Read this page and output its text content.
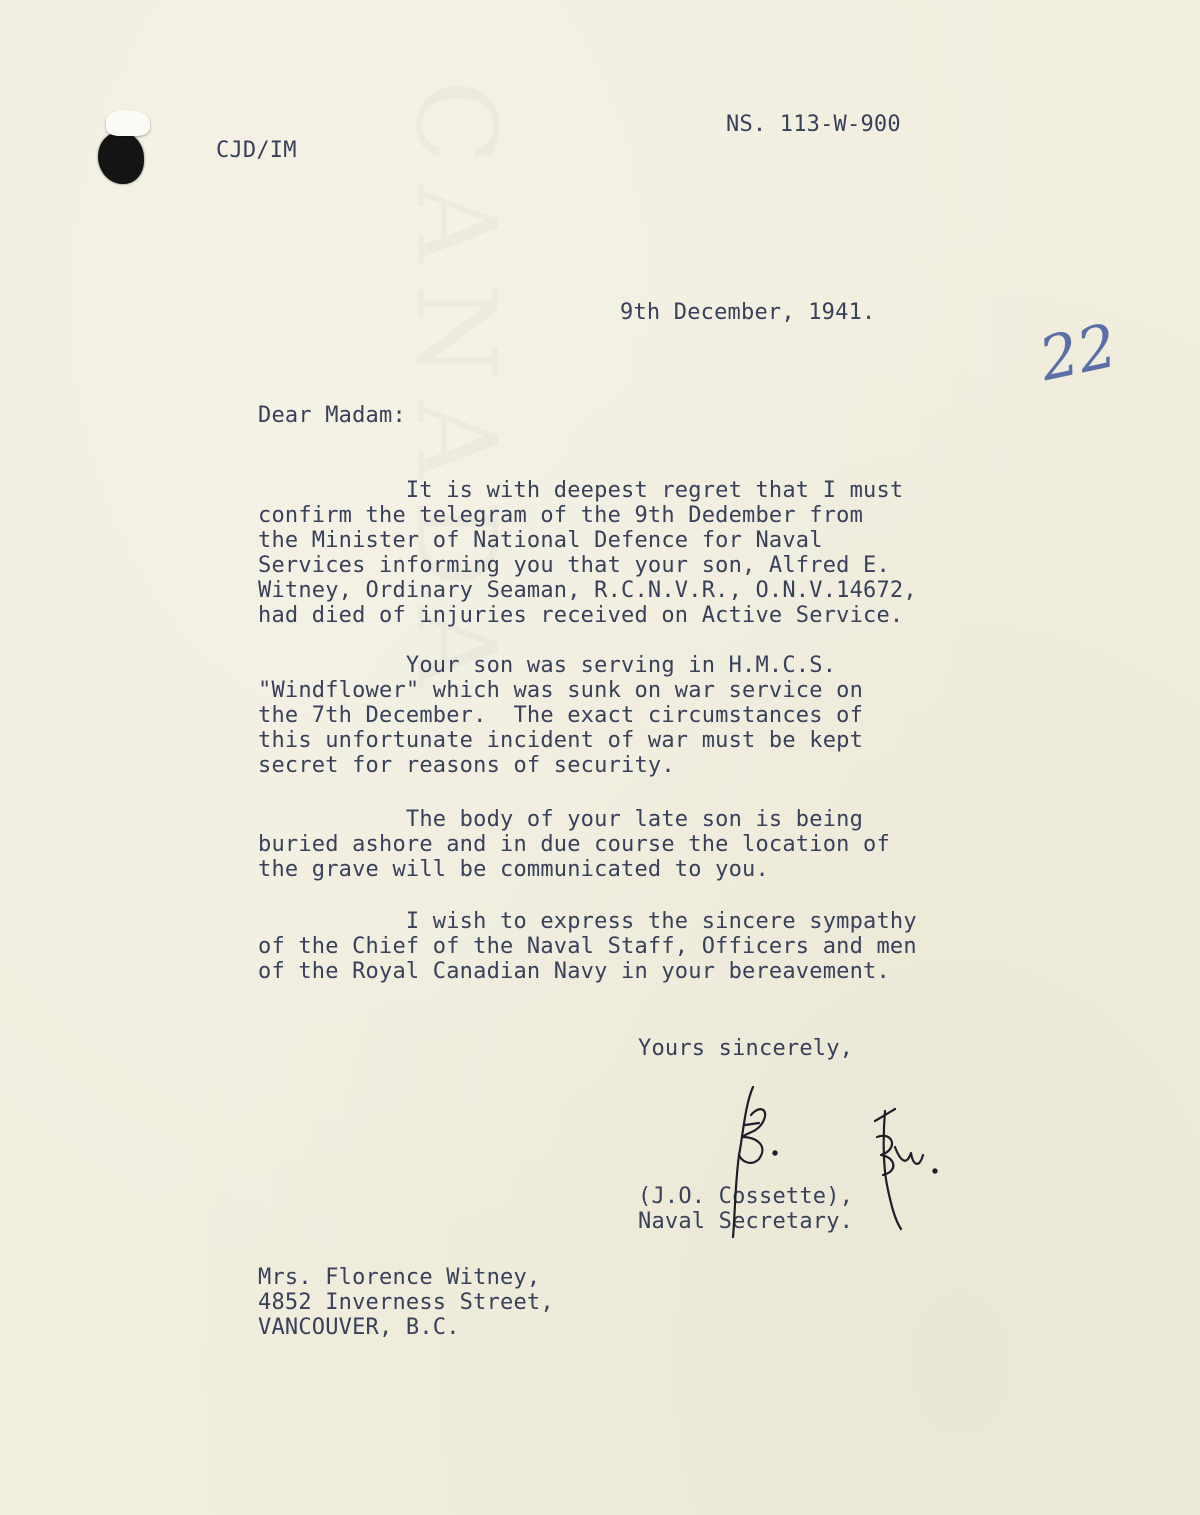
CANADA
CJD/IM
NS. 113-W-900
9th December, 1941.	22
Dear Madam:
It is with deepest regret that I must
confirm the telegram of the 9th Dedember from
the Minister of National Defence for Naval
Services informing you that your son, Alfred E.
Witney, Ordinary Seaman, R.C.N.V.R., O.N.V.14672,
had died of injuries received on Active Service.
Your son was serving in H.M.C.S.
"Windflower" which was sunk on war service on
the 7th December.  The exact circumstances of
this unfortunate incident of war must be kept
secret for reasons of security.
The body of your late son is being
buried ashore and in due course the location of
the grave will be communicated to you.
I wish to express the sincere sympathy
of the Chief of the Naval Staff, Officers and men
of the Royal Canadian Navy in your bereavement.
Yours sincerely,
(J.O. Cossette),
Naval Secretary.
Mrs. Florence Witney,
4852 Inverness Street,
VANCOUVER, B.C.
